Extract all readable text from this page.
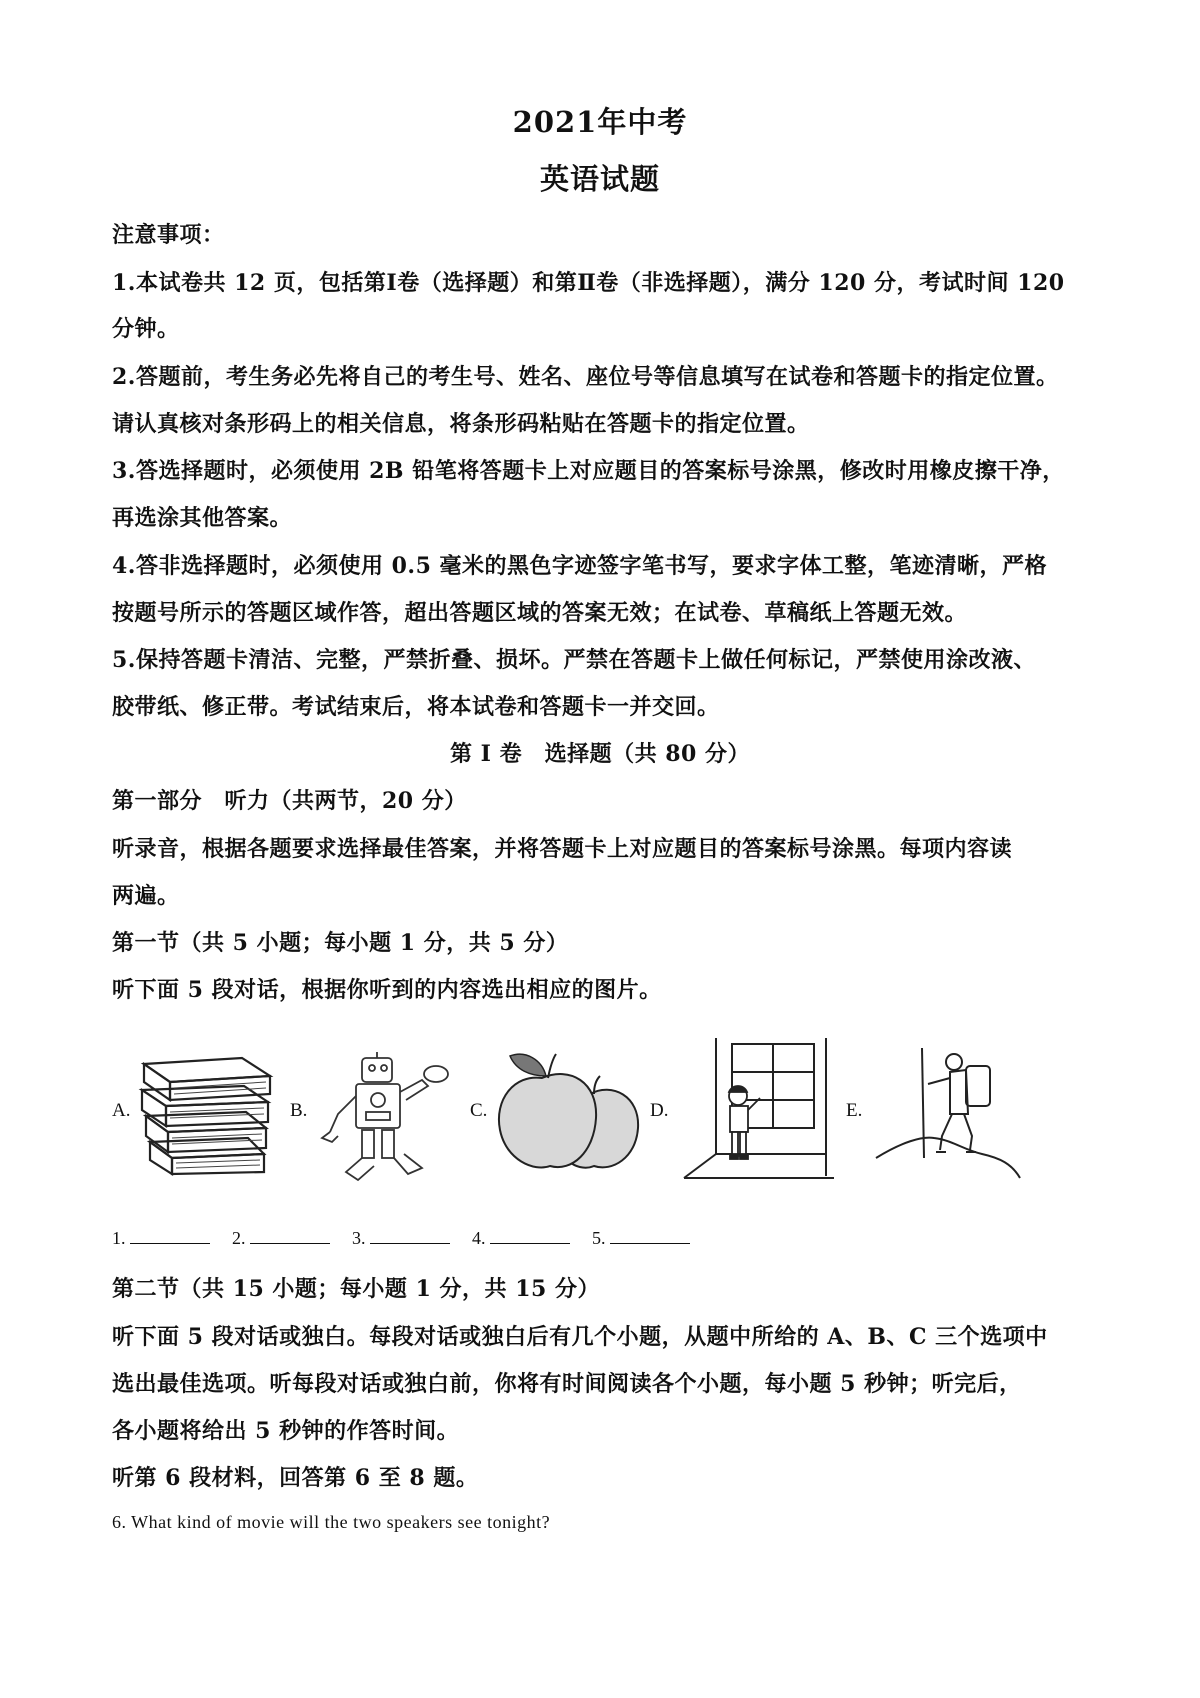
2021年中考
英语试题
注意事项：
1.本试卷共 12 页，包括第Ⅰ卷（选择题）和第Ⅱ卷（非选择题），满分 120 分，考试时间 120
分钟。
2.答题前，考生务必先将自己的考生号、姓名、座位号等信息填写在试卷和答题卡的指定位置。
请认真核对条形码上的相关信息，将条形码粘贴在答题卡的指定位置。
3.答选择题时，必须使用 2B 铅笔将答题卡上对应题目的答案标号涂黑，修改时用橡皮擦干净，
再选涂其他答案。
4.答非选择题时，必须使用 0.5 毫米的黑色字迹签字笔书写，要求字体工整，笔迹清晰，严格
按题号所示的答题区域作答，超出答题区域的答案无效；在试卷、草稿纸上答题无效。
5.保持答题卡清洁、完整，严禁折叠、损坏。严禁在答题卡上做任何标记，严禁使用涂改液、
胶带纸、修正带。考试结束后，将本试卷和答题卡一并交回。
第 I 卷　选择题（共 80 分）
第一部分　听力（共两节，20 分）
听录音，根据各题要求选择最佳答案，并将答题卡上对应题目的答案标号涂黑。每项内容读
两遍。
第一节（共 5 小题；每小题 1 分，共 5 分）
听下面 5 段对话，根据你听到的内容选出相应的图片。
A.	B.	C.	D.	E.
1.	2.	3.	4.	5.
第二节（共 15 小题；每小题 1 分，共 15 分）
听下面 5 段对话或独白。每段对话或独白后有几个小题，从题中所给的 A、B、C 三个选项中
选出最佳选项。听每段对话或独白前，你将有时间阅读各个小题，每小题 5 秒钟；听完后，
各小题将给出 5 秒钟的作答时间。
听第 6 段材料，回答第 6 至 8 题。
6. What kind of movie will the two speakers see tonight?
